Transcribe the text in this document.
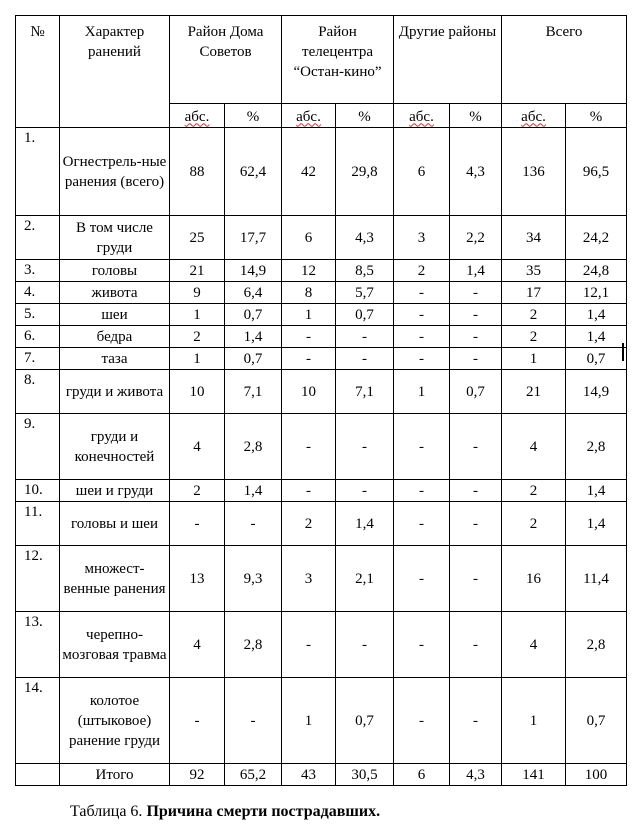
№	Характер ранений	Район Дома Советов		Район телецентра “Остан-кино”		Другие районы		Всего	
		абс.	%	абс.	%	абс.	%	абс.	%
1.	Огнестрель-ные ранения (всего)	88	62,4	42	29,8	6	4,3	136	96,5
2.	В том числе груди	25	17,7	6	4,3	3	2,2	34	24,2
3.	головы	21	14,9	12	8,5	2	1,4	35	24,8
4.	живота	9	6,4	8	5,7	-	-	17	12,1
5.	шеи	1	0,7	1	0,7	-	-	2	1,4
6.	бедра	2	1,4	-	-	-	-	2	1,4
7.	таза	1	0,7	-	-	-	-	1	0,7
8.	груди и живота	10	7,1	10	7,1	1	0,7	21	14,9
9.	груди и конечностей	4	2,8	-	-	-	-	4	2,8
10.	шеи и груди	2	1,4	-	-	-	-	2	1,4
11.	головы и шеи	-	-	2	1,4	-	-	2	1,4
12.	множест-венные ранения	13	9,3	3	2,1	-	-	16	11,4
13.	черепно-мозговая травма	4	2,8	-	-	-	-	4	2,8
14.	колотое (штыковое) ранение груди	-	-	1	0,7	-	-	1	0,7
	Итого	92	65,2	43	30,5	6	4,3	141	100
Таблица 6. Причина смерти пострадавших.
